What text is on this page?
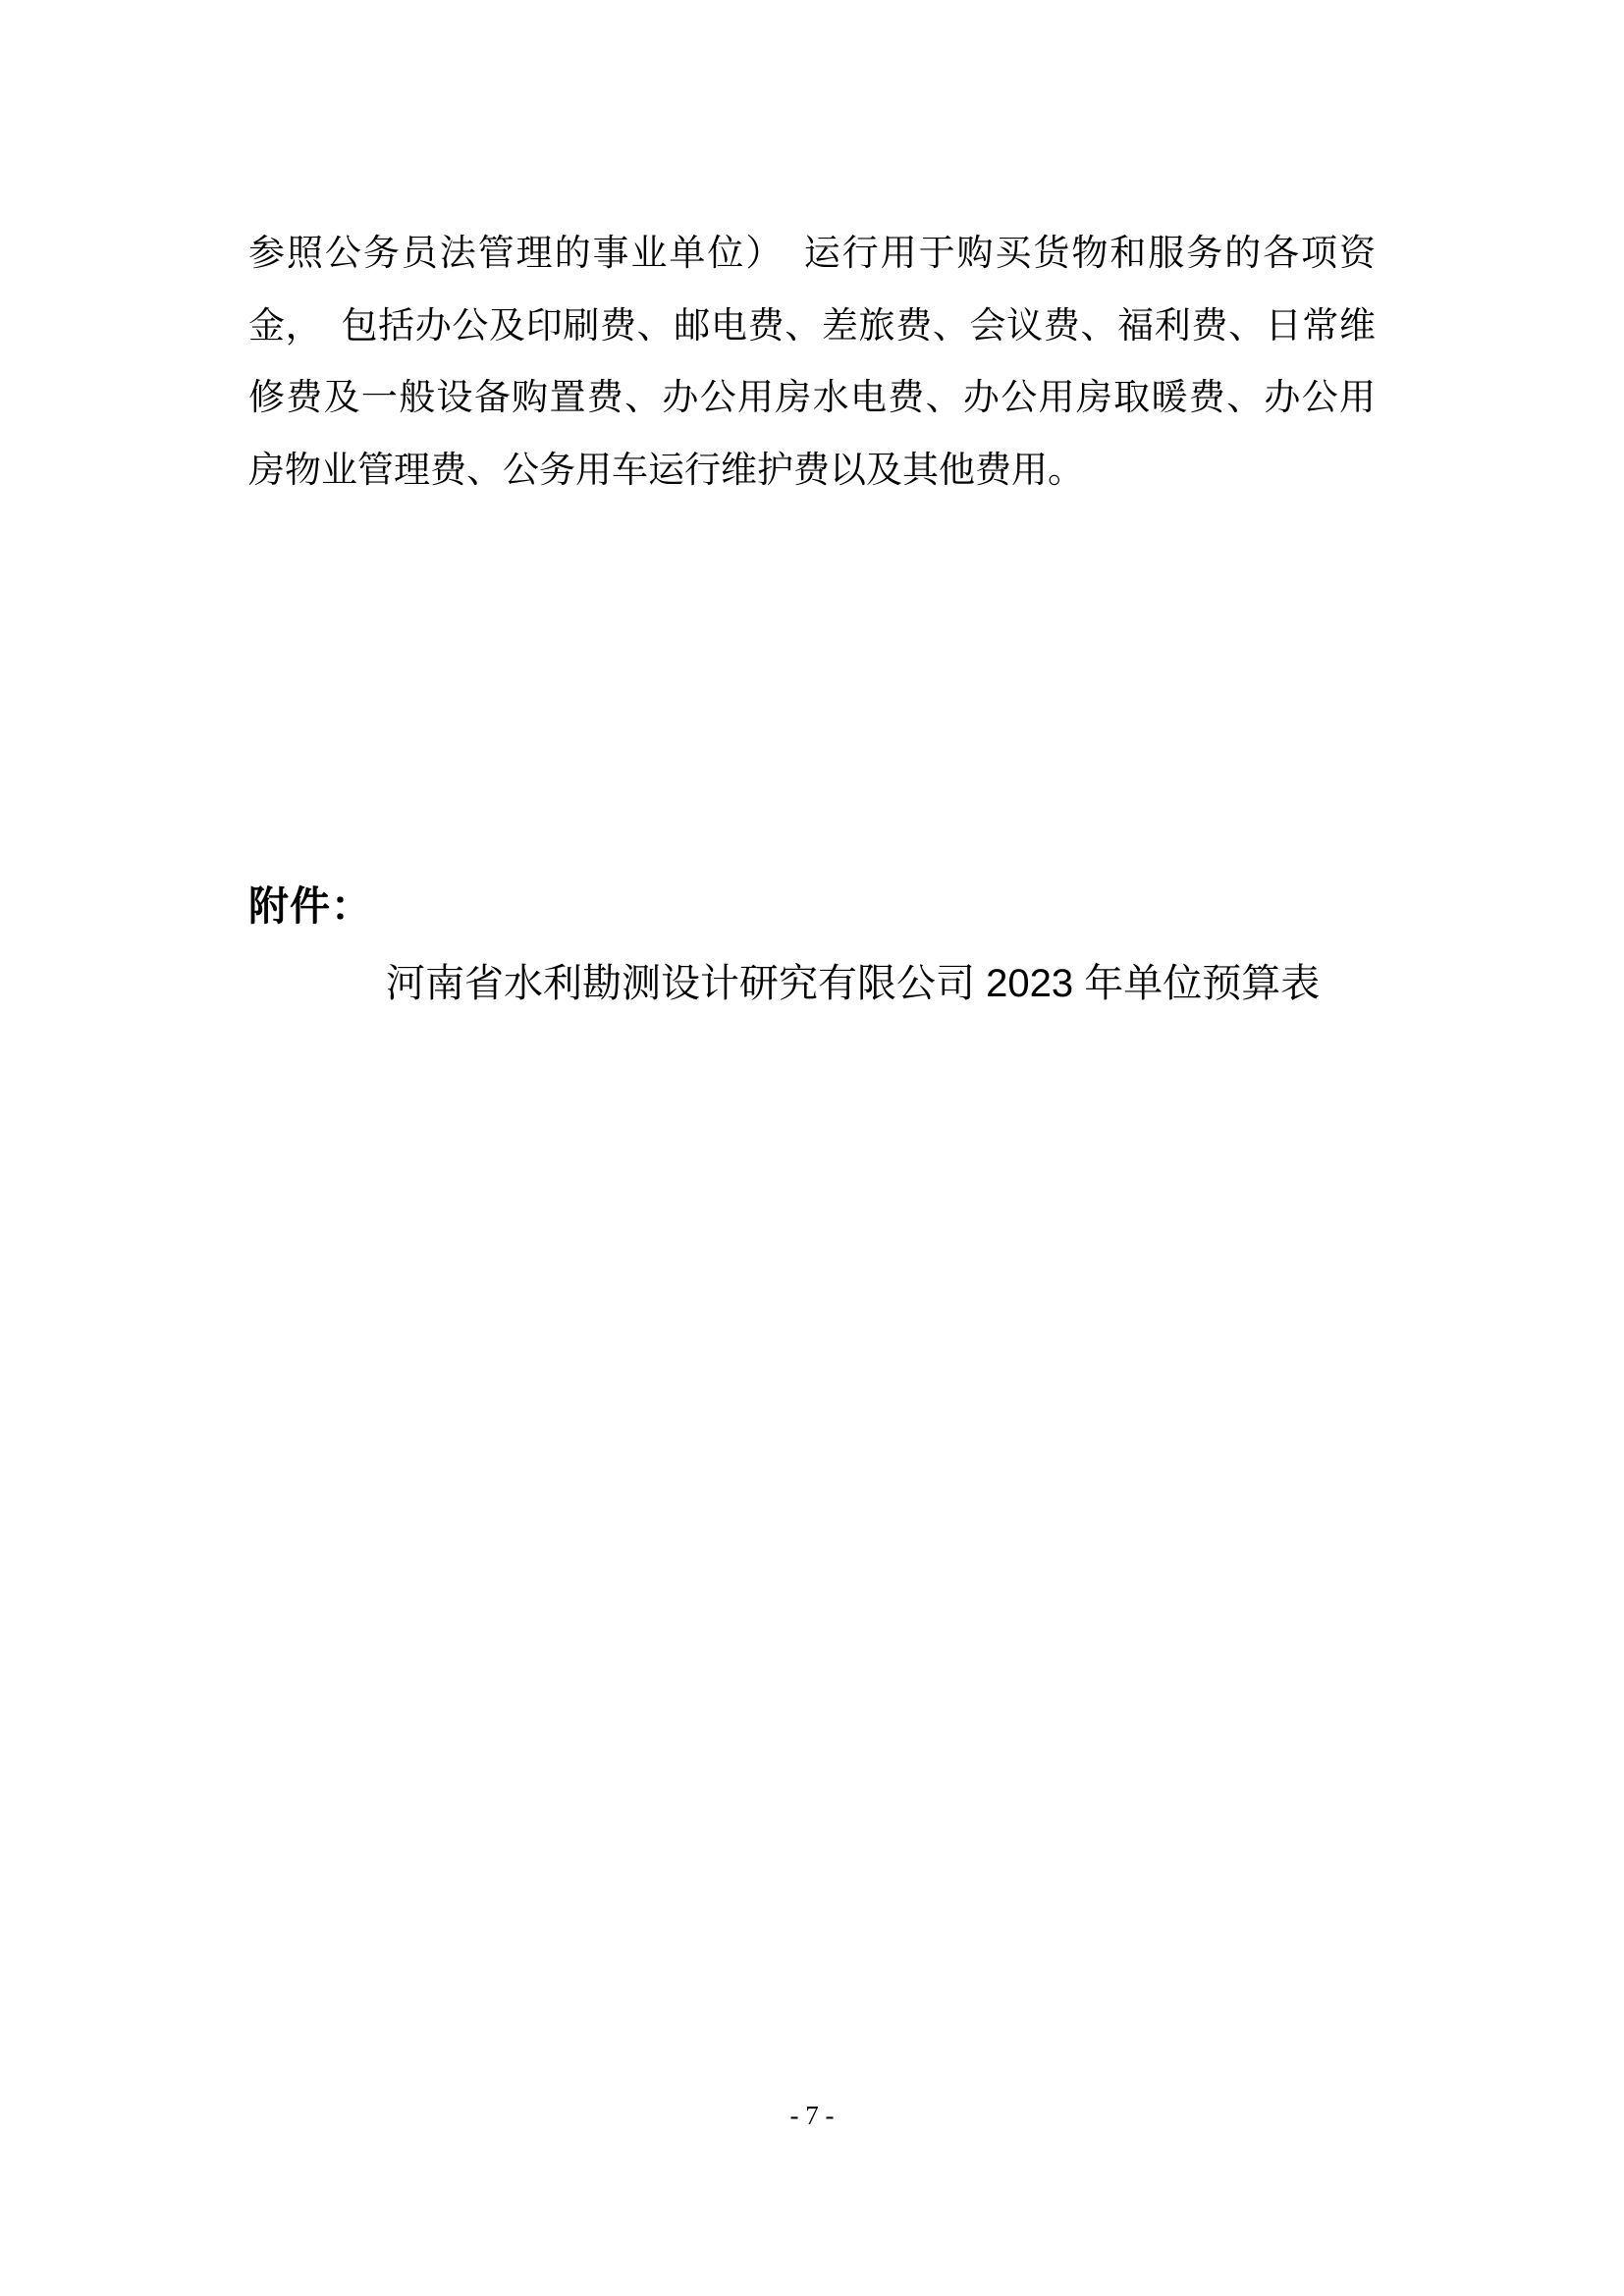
参照公务员法管理的事业单位）　运行用于购买货物和服务的各项资
金，　包括办公及印刷费、邮电费、差旅费、会议费、福利费、日常维
修费及一般设备购置费、办公用房水电费、办公用房取暖费、办公用
房物业管理费、公务用车运行维护费以及其他费用。
附件：
河南省水利勘测设计研究有限公司 2023 年单位预算表
- 7 -
